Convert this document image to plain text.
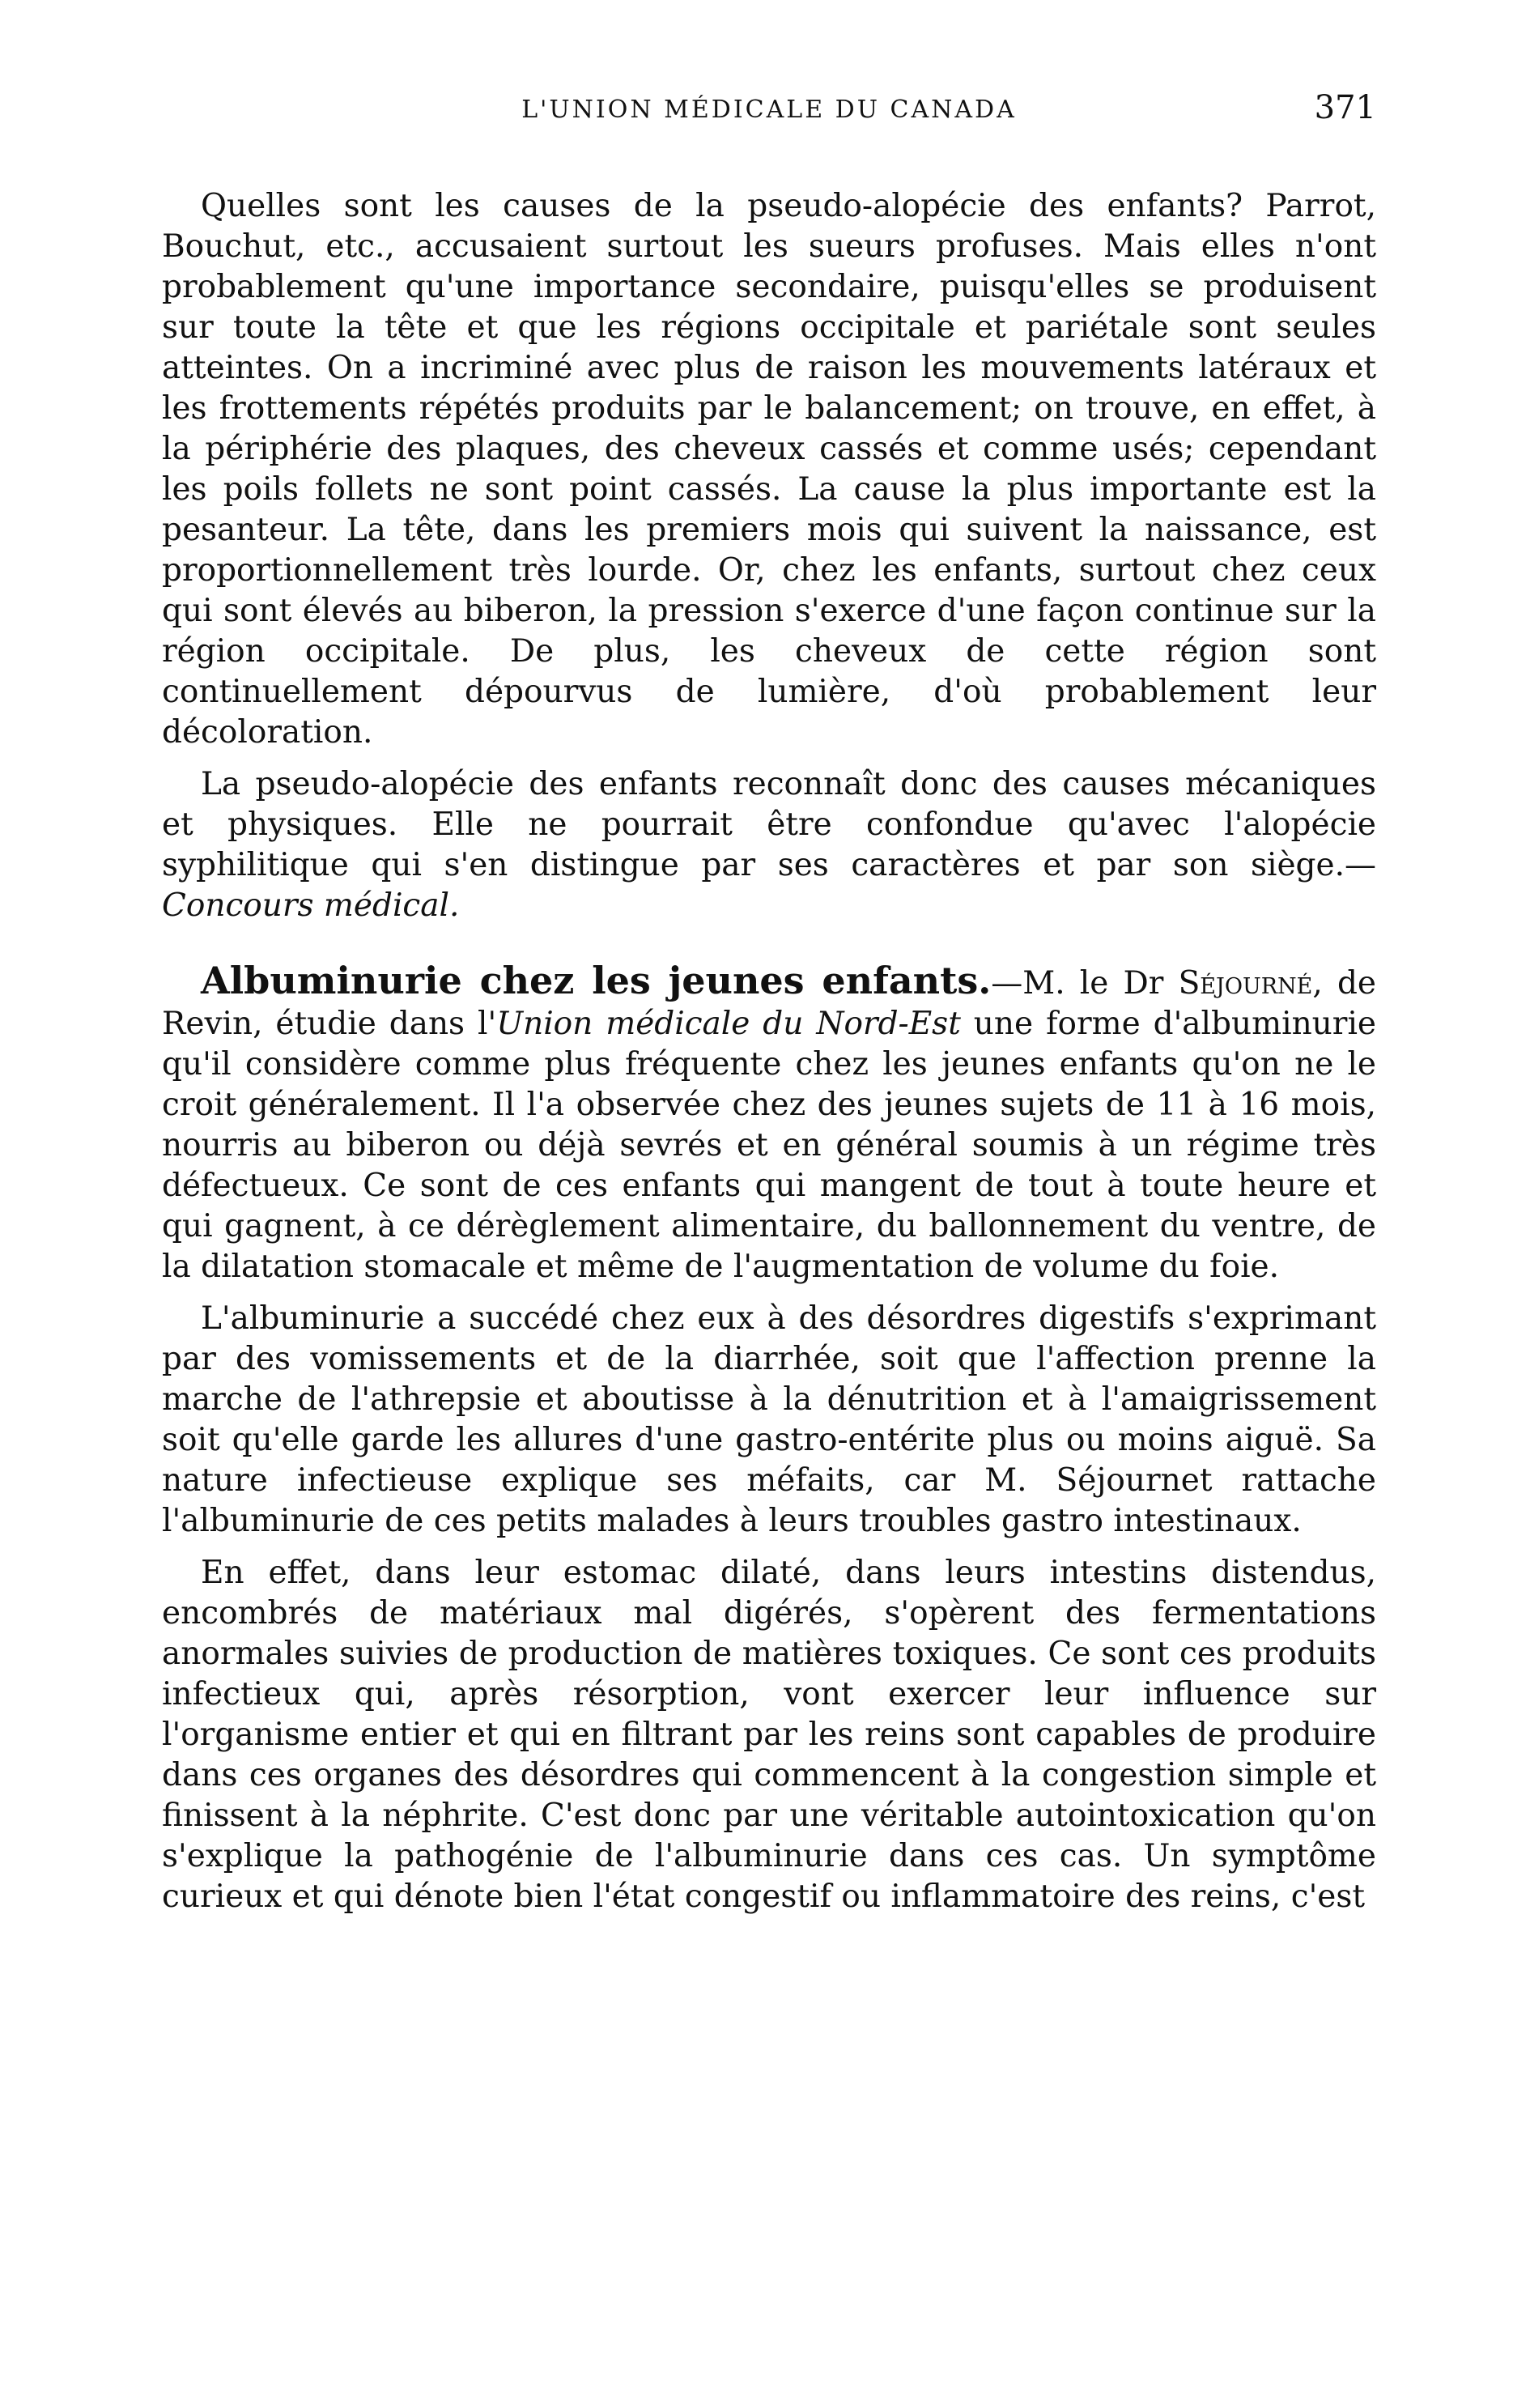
L'UNION MÉDICALE DU CANADA	371

Quelles sont les causes de la pseudo-alopécie des enfants? Parrot, Bouchut, etc., accusaient surtout les sueurs profuses. Mais elles n'ont probablement qu'une importance secondaire, puisqu'elles se produisent sur toute la tête et que les régions occipitale et pariétale sont seules atteintes. On a incriminé avec plus de raison les mouvements latéraux et les frottements répétés produits par le balancement; on trouve, en effet, à la périphérie des plaques, des cheveux cassés et comme usés; cependant les poils follets ne sont point cassés. La cause la plus importante est la pesanteur. La tête, dans les premiers mois qui suivent la naissance, est proportionnellement très lourde. Or, chez les enfants, surtout chez ceux qui sont élevés au biberon, la pression s'exerce d'une façon continue sur la région occipitale. De plus, les cheveux de cette région sont continuellement dépourvus de lumière, d'où probablement leur décoloration.

La pseudo-alopécie des enfants reconnaît donc des causes mécaniques et physiques. Elle ne pourrait être confondue qu'avec l'alopécie syphilitique qui s'en distingue par ses caractères et par son siège.—Concours médical.

Albuminurie chez les jeunes enfants.—M. le Dr Séjourné, de Revin, étudie dans l'Union médicale du Nord-Est une forme d'albuminurie qu'il considère comme plus fréquente chez les jeunes enfants qu'on ne le croit généralement. Il l'a observée chez des jeunes sujets de 11 à 16 mois, nourris au biberon ou déjà sevrés et en général soumis à un régime très défectueux. Ce sont de ces enfants qui mangent de tout à toute heure et qui gagnent, à ce dérèglement alimentaire, du ballonnement du ventre, de la dilatation stomacale et même de l'augmentation de volume du foie.

L'albuminurie a succédé chez eux à des désordres digestifs s'exprimant par des vomissements et de la diarrhée, soit que l'affection prenne la marche de l'athrepsie et aboutisse à la dénutrition et à l'amaigrissement soit qu'elle garde les allures d'une gastro-entérite plus ou moins aiguë. Sa nature infectieuse explique ses méfaits, car M. Séjournet rattache l'albuminurie de ces petits malades à leurs troubles gastro intestinaux.

En effet, dans leur estomac dilaté, dans leurs intestins distendus, encombrés de matériaux mal digérés, s'opèrent des fermentations anormales suivies de production de matières toxiques. Ce sont ces produits infectieux qui, après résorption, vont exercer leur influence sur l'organisme entier et qui en filtrant par les reins sont capables de produire dans ces organes des désordres qui commencent à la congestion simple et finissent à la néphrite. C'est donc par une véritable autointoxication qu'on s'explique la pathogénie de l'albuminurie dans ces cas. Un symptôme curieux et qui dénote bien l'état congestif ou inflammatoire des reins, c'est
